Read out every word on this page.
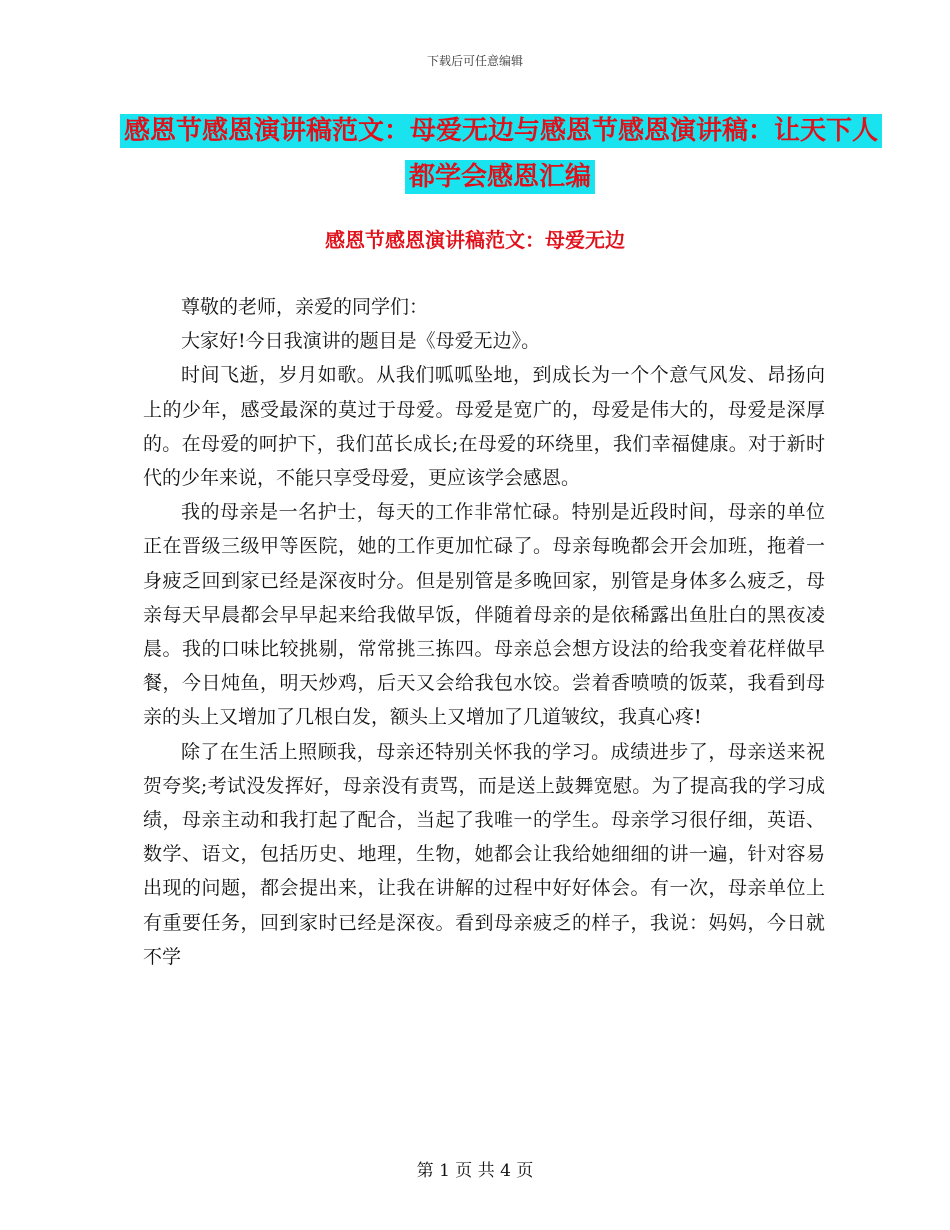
下载后可任意编辑
感恩节感恩演讲稿范文：母爱无边与感恩节感恩演讲稿：让天下人都学会感恩汇编
感恩节感恩演讲稿范文：母爱无边

尊敬的老师，亲爱的同学们：

大家好!今日我演讲的题目是《母爱无边》。

时间飞逝，岁月如歌。从我们呱呱坠地，到成长为一个个意气风发、昂扬向上的少年，感受最深的莫过于母爱。母爱是宽广的，母爱是伟大的，母爱是深厚的。在母爱的呵护下，我们茁长成长;在母爱的环绕里，我们幸福健康。对于新时代的少年来说，不能只享受母爱，更应该学会感恩。

我的母亲是一名护士，每天的工作非常忙碌。特别是近段时间，母亲的单位正在晋级三级甲等医院，她的工作更加忙碌了。母亲每晚都会开会加班，拖着一身疲乏回到家已经是深夜时分。但是别管是多晚回家，别管是身体多么疲乏，母亲每天早晨都会早早起来给我做早饭，伴随着母亲的是依稀露出鱼肚白的黑夜凌晨。我的口味比较挑剔，常常挑三拣四。母亲总会想方设法的给我变着花样做早餐，今日炖鱼，明天炒鸡，后天又会给我包水饺。尝着香喷喷的饭菜，我看到母亲的头上又增加了几根白发，额头上又增加了几道皱纹，我真心疼!

除了在生活上照顾我，母亲还特别关怀我的学习。成绩进步了，母亲送来祝贺夸奖;考试没发挥好，母亲没有责骂，而是送上鼓舞宽慰。为了提高我的学习成绩，母亲主动和我打起了配合，当起了我唯一的学生。母亲学习很仔细，英语、数学、语文，包括历史、地理，生物，她都会让我给她细细的讲一遍，针对容易出现的问题，都会提出来，让我在讲解的过程中好好体会。有一次，母亲单位上有重要任务，回到家时已经是深夜。看到母亲疲乏的样子，我说：妈妈，今日就不学

第 1 页 共 4 页
